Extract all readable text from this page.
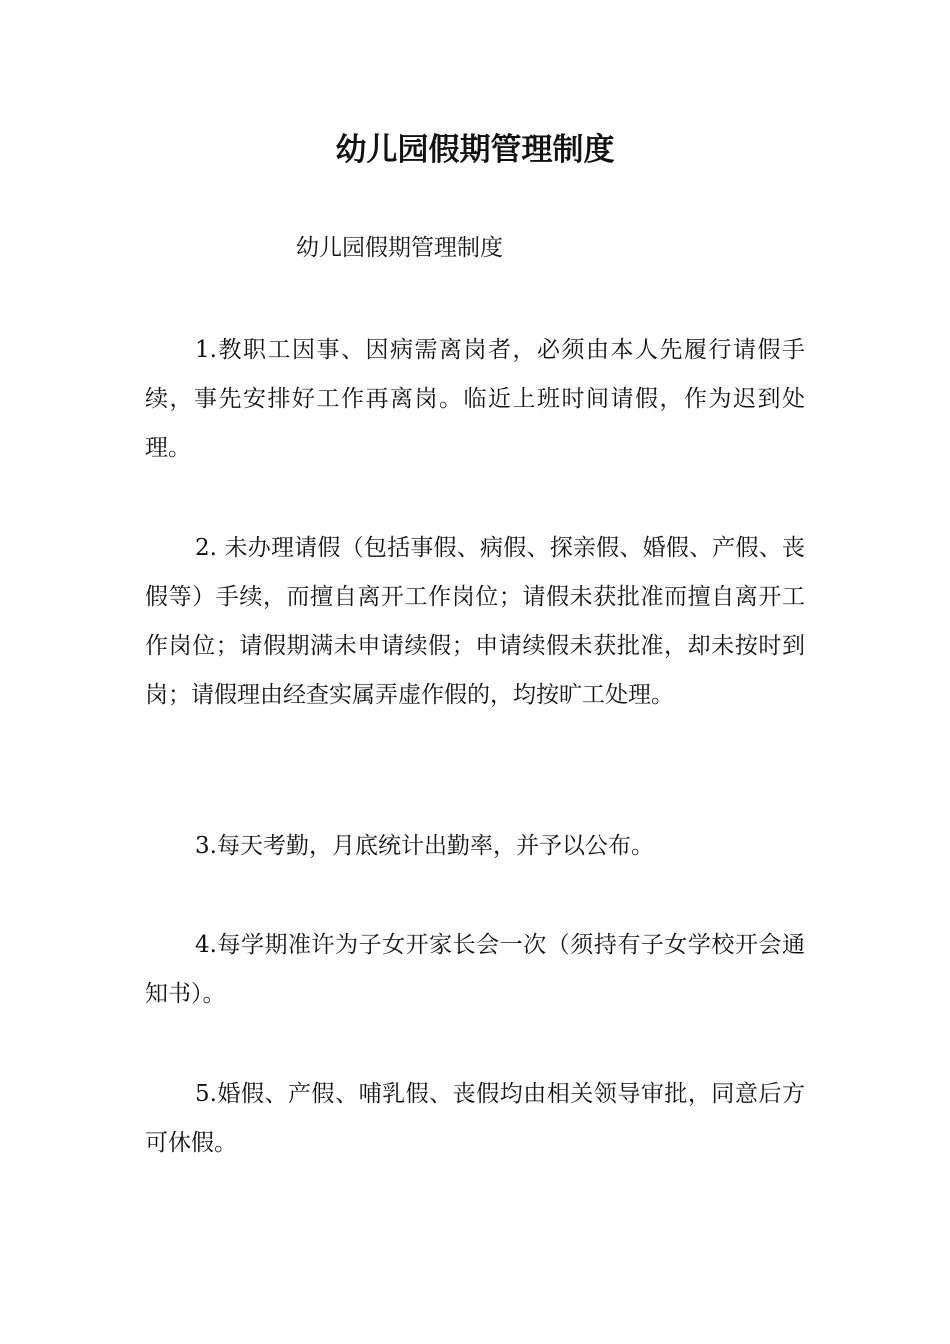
幼儿园假期管理制度

幼儿园假期管理制度

1.教职工因事、因病需离岗者，必须由本人先履行请假手续，事先安排好工作再离岗。临近上班时间请假，作为迟到处理。

2. 未办理请假（包括事假、病假、探亲假、婚假、产假、丧假等）手续，而擅自离开工作岗位；请假未获批准而擅自离开工作岗位；请假期满未申请续假；申请续假未获批准，却未按时到岗；请假理由经查实属弄虚作假的，均按旷工处理。

3.每天考勤，月底统计出勤率，并予以公布。

4.每学期准许为子女开家长会一次（须持有子女学校开会通知书）。

5.婚假、产假、哺乳假、丧假均由相关领导审批，同意后方可休假。
